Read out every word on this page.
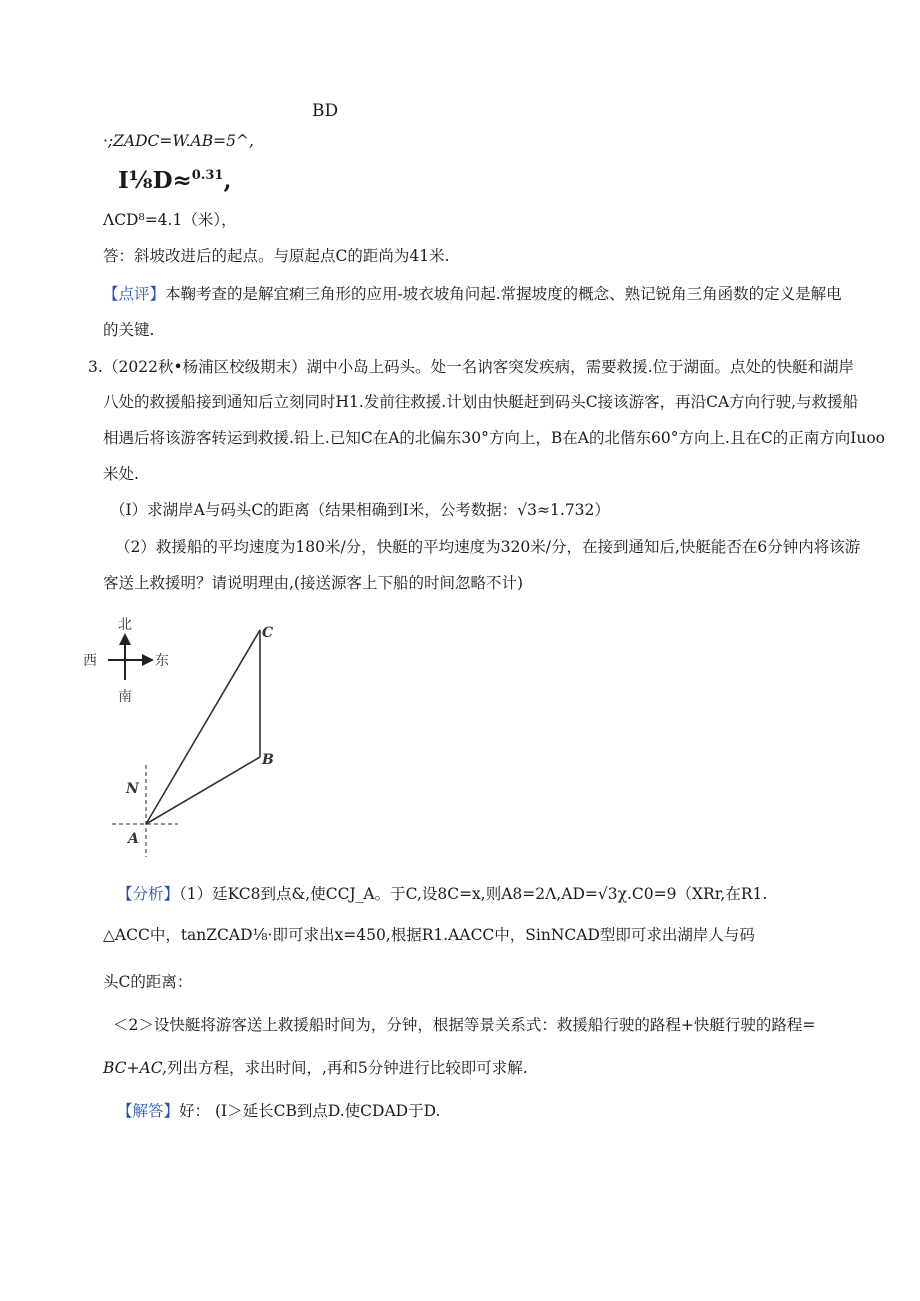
BD
·;ZADC=W.AB=5^,
I⅛D≈$^{0.31}$,
ΛCD⁸=4.1（米），
答：斜坡改进后的起点。与原起点C的距尚为41米.
【点评】本鞠考查的是解宜痢三角形的应用-坡衣坡角问起.常握坡度的概念、熟记锐角三角函数的定义是解电
的关键.
3. （2022秋•杨浦区校级期末）湖中小岛上码头。处一名讷客突发疾病，需要救援.位于湖面。点处的快艇和湖岸
八处的救援船接到通知后立刻同时H1.发前往救援.计划由快艇赶到码头C接该游客，再沿CA方向行驶,与救援船
相遇后将该游客转运到救援.铅上.已知C在A的北偏东30°方向上，B在A的北偕东60°方向上.且在C的正南方向Iuoo
米处.
（I）求湖岸A与码头C的距离（结果相确到I米，公考数据：√3≈1.732）
（2）救援船的平均速度为180米/分，快艇的平均速度为320米/分，在接到通知后,快艇能否在6分钟内将该游
客送上救援明？请说明理由,(接送源客上下船的时间忽略不计)
北
西	东
南
C
B
N
A
【分析】（1）廷KC8到点&,使CCJ_A。于C,设8C=x,则A8=2Λ,AD=√3χ.C0=9（XRr,在R1.
△ACC中，tanZCAD⅛·即可求出x=450,根据R1.AACC中，SinNCAD型即可求出湖岸人与码
头C的距离：
＜2＞设快艇将游客送上救援船时间为，分钟，根据等景关系式：救援船行驶的路程+快艇行驶的路程=
BC+AC,列出方程，求出时间，,再和5分钟进行比较即可求解.
【解答】好： (I＞延长CB到点D.使CDAD于D.
